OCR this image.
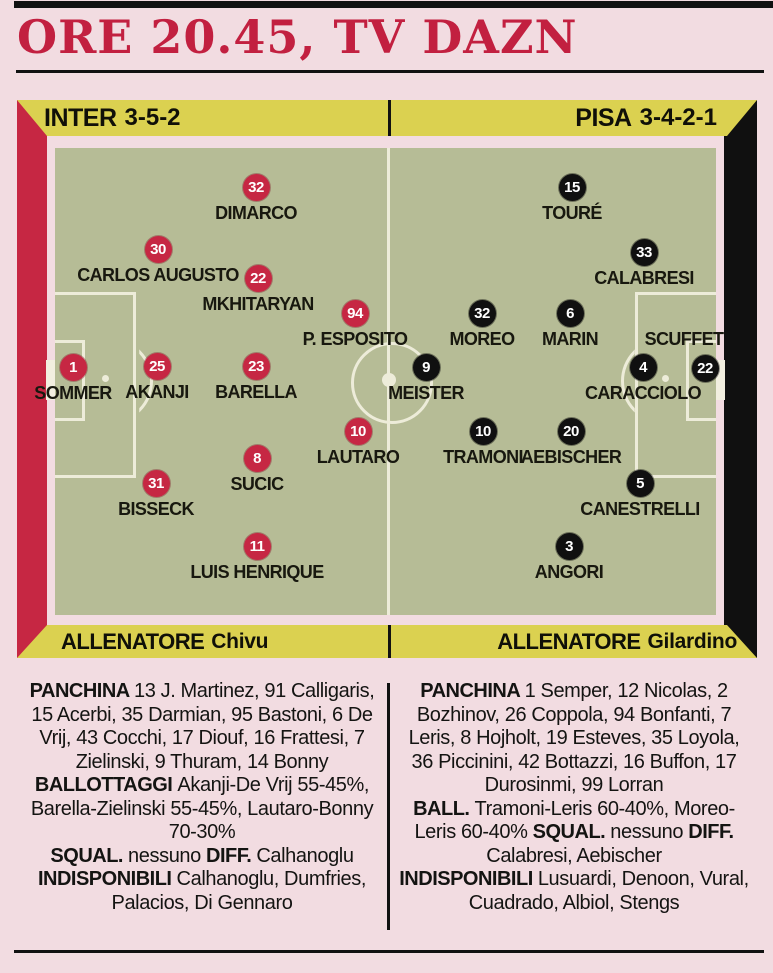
ORE 20.45, TV DAZN
INTER 3-5-2	PISA 3-4-2-1
32
DIMARCO
30
CARLOS AUGUSTO 22
MKHITARYAN	94
P. ESPOSITO
1
SOMMER
25
AKANJI
23
BARELLA
10
LAUTARO
8
SUCIC
31
BISSECK
11
LUIS HENRIQUE
15
TOURÉ
33
CALABRESI
32
MOREO
6
MARIN
9
MEISTER
4
CARACCIOLO
22
SCUFFET
10
TRAMONI
20
AEBISCHER
5
CANESTRELLI
3
ANGORI
ALLENATORE Chivu	ALLENATORE Gilardino

PANCHINA 13 J. Martinez, 91 Calligaris, 15 Acerbi, 35 Darmian, 95 Bastoni, 6 De Vrij, 43 Cocchi, 17 Diouf, 16 Frattesi, 7 Zielinski, 9 Thuram, 14 Bonny

BALLOTTAGGI Akanji-De Vrij 55-45%, Barella-Zielinski 55-45%, Lautaro-Bonny 70-30%

SQUAL. nessuno DIFF. Calhanoglu

INDISPONIBILI Calhanoglu, Dumfries, Palacios, Di Gennaro

PANCHINA 1 Semper, 12 Nicolas, 2 Bozhinov, 26 Coppola, 94 Bonfanti, 7 Leris, 8 Hojholt, 19 Esteves, 35 Loyola, 36 Piccinini, 42 Bottazzi, 16 Buffon, 17 Durosinmi, 99 Lorran

BALL. Tramoni-Leris 60-40%, Moreo-Leris 60-40% SQUAL. nessuno DIFF. Calabresi, Aebischer

INDISPONIBILI Lusuardi, Denoon, Vural, Cuadrado, Albiol, Stengs
